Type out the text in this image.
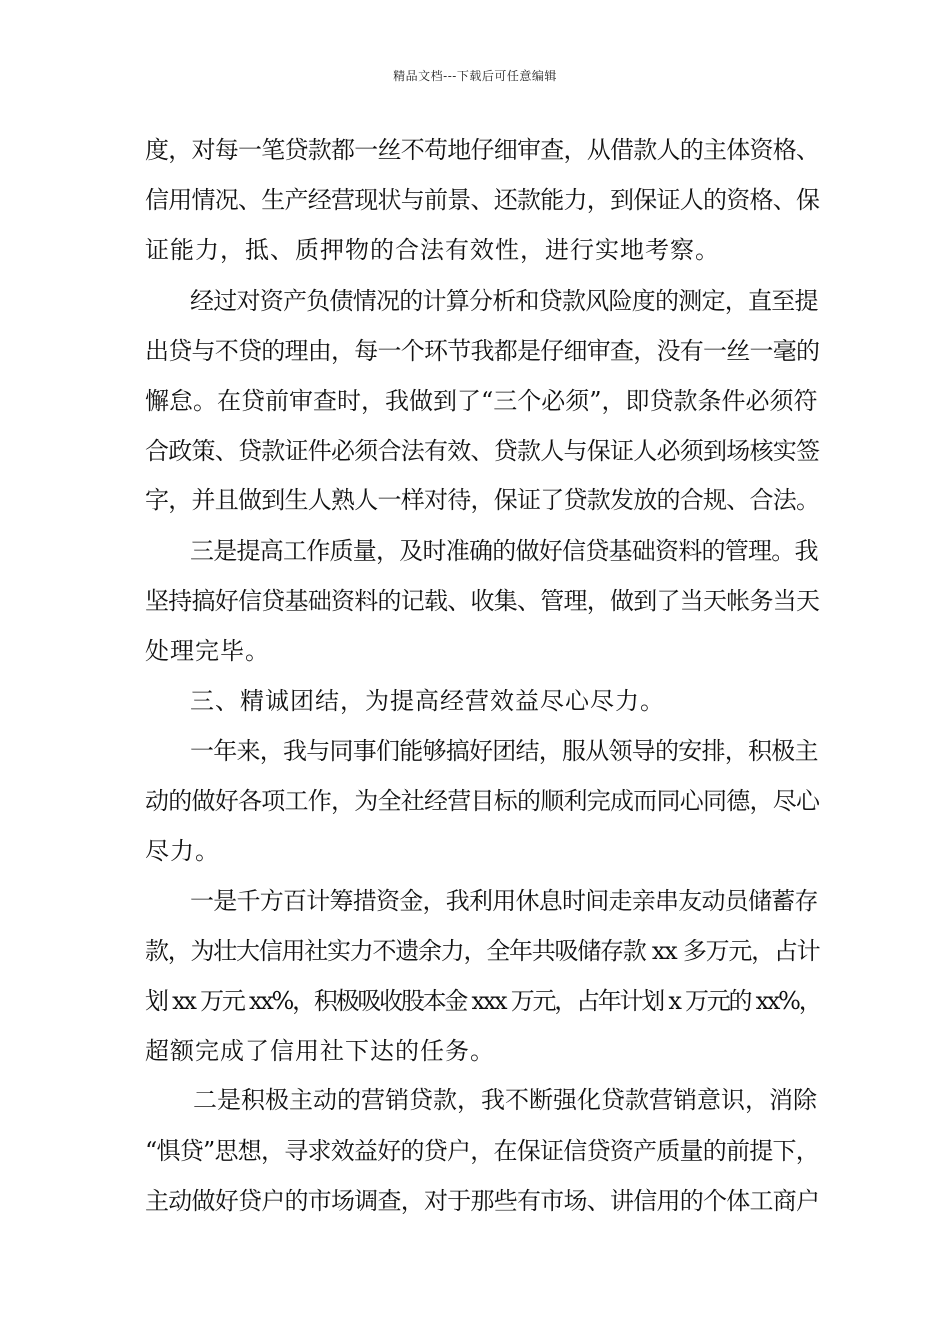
精品文档---下载后可任意编辑
度，对每一笔贷款都一丝不苟地仔细审查，从借款人的主体资格、
信用情况、生产经营现状与前景、还款能力，到保证人的资格、保
证能力，抵、质押物的合法有效性，进行实地考察。
经过对资产负债情况的计算分析和贷款风险度的测定，直至提
出贷与不贷的理由，每一个环节我都是仔细审查，没有一丝一毫的
懈怠。在贷前审查时，我做到了“三个必须”，即贷款条件必须符
合政策、贷款证件必须合法有效、贷款人与保证人必须到场核实签
字，并且做到生人熟人一样对待，保证了贷款发放的合规、合法。
三是提高工作质量，及时准确的做好信贷基础资料的管理。我
坚持搞好信贷基础资料的记载、收集、管理，做到了当天帐务当天
处理完毕。
三、精诚团结，为提高经营效益尽心尽力。
一年来，我与同事们能够搞好团结，服从领导的安排，积极主
动的做好各项工作，为全社经营目标的顺利完成而同心同德，尽心
尽力。
一是千方百计筹措资金，我利用休息时间走亲串友动员储蓄存
款，为壮大信用社实力不遗余力，全年共吸储存款 xx 多万元，占计
划 xx 万元 xx%，积极吸收股本金 xxx 万元，占年计划 x 万元的 xx%，
超额完成了信用社下达的任务。
二是积极主动的营销贷款，我不断强化贷款营销意识，消除
“惧贷”思想，寻求效益好的贷户，在保证信贷资产质量的前提下，
主动做好贷户的市场调查，对于那些有市场、讲信用的个体工商户
